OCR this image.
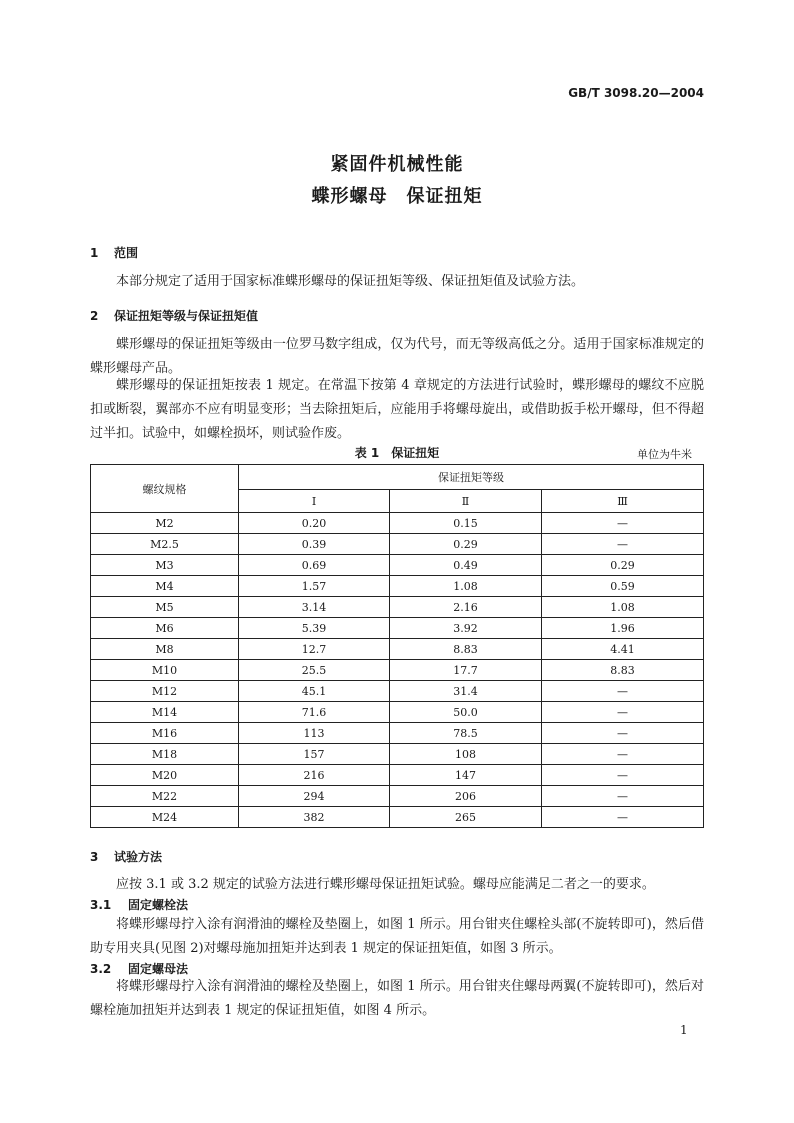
GB/T 3098.20—2004
紧固件机械性能
蝶形螺母　保证扭矩
1 范围

本部分规定了适用于国家标准蝶形螺母的保证扭矩等级、保证扭矩值及试验方法。

2 保证扭矩等级与保证扭矩值

蝶形螺母的保证扭矩等级由一位罗马数字组成，仅为代号，而无等级高低之分。适用于国家标准规定的蝶形螺母产品。

蝶形螺母的保证扭矩按表 1 规定。在常温下按第 4 章规定的方法进行试验时，蝶形螺母的螺纹不应脱扣或断裂，翼部亦不应有明显变形；当去除扭矩后，应能用手将螺母旋出，或借助扳手松开螺母，但不得超过半扣。试验中，如螺栓损坏，则试验作废。

表 1　保证扭矩	单位为牛米
螺纹规格	保证扭矩等级		
	Ⅰ	Ⅱ	Ⅲ
M2	0.20	0.15	—
M2.5	0.39	0.29	—
M3	0.69	0.49	0.29
M4	1.57	1.08	0.59
M5	3.14	2.16	1.08
M6	5.39	3.92	1.96
M8	12.7	8.83	4.41
M10	25.5	17.7	8.83
M12	45.1	31.4	—
M14	71.6	50.0	—
M16	113	78.5	—
M18	157	108	—
M20	216	147	—
M22	294	206	—
M24	382	265	—
3 试验方法

应按 3.1 或 3.2 规定的试验方法进行蝶形螺母保证扭矩试验。螺母应能满足二者之一的要求。

3.1 固定螺栓法

将蝶形螺母拧入涂有润滑油的螺栓及垫圈上，如图 1 所示。用台钳夹住螺栓头部(不旋转即可)，然后借助专用夹具(见图 2)对螺母施加扭矩并达到表 1 规定的保证扭矩值，如图 3 所示。

3.2 固定螺母法

将蝶形螺母拧入涂有润滑油的螺栓及垫圈上，如图 1 所示。用台钳夹住螺母两翼(不旋转即可)，然后对螺栓施加扭矩并达到表 1 规定的保证扭矩值，如图 4 所示。

1
